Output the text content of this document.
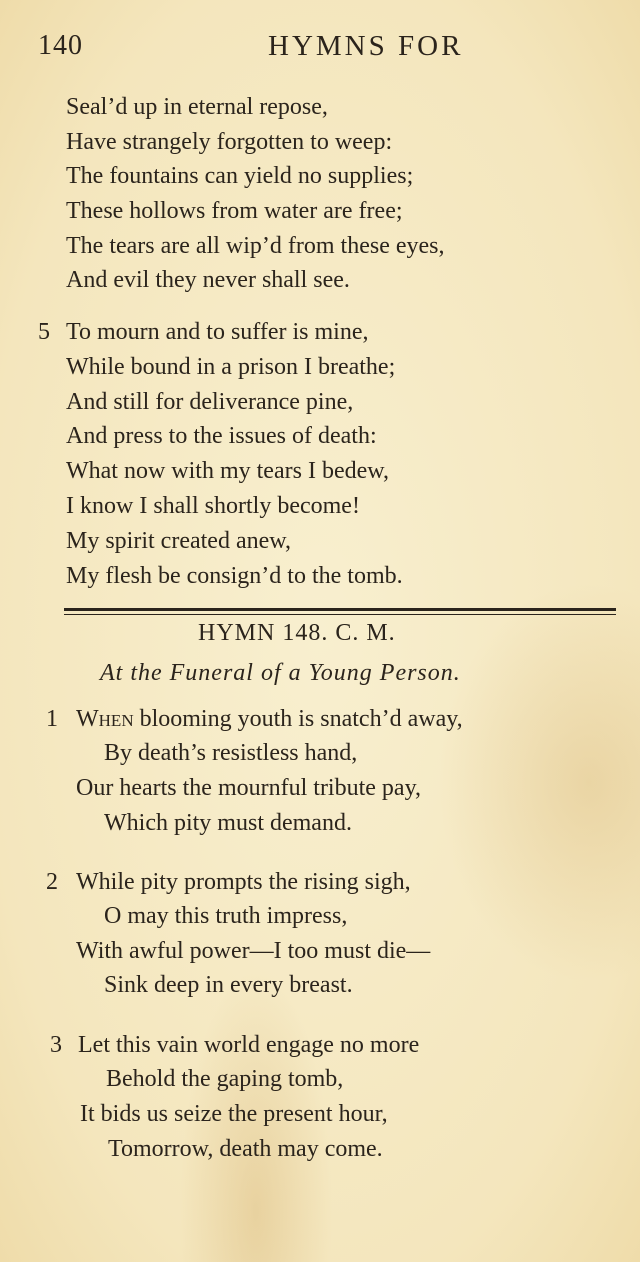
140	HYMNS FOR
Seal’d up in eternal repose,
Have strangely forgotten to weep:
The fountains can yield no supplies;
These hollows from water are free;
The tears are all wip’d from these eyes,
And evil they never shall see.
5 To mourn and to suffer is mine,
While bound in a prison I breathe;
And still for deliverance pine,
And press to the issues of death:
What now with my tears I bedew,
I know I shall shortly become!
My spirit created anew,
My flesh be consign’d to the tomb.
HYMN 148. C. M.
At the Funeral of a Young Person.
1 When blooming youth is snatch’d away,
By death’s resistless hand,
Our hearts the mournful tribute pay,
Which pity must demand.
2 While pity prompts the rising sigh,
O may this truth impress,
With awful power—I too must die—
Sink deep in every breast.
3 Let this vain world engage no more
Behold the gaping tomb,
It bids us seize the present hour,
Tomorrow, death may come.
